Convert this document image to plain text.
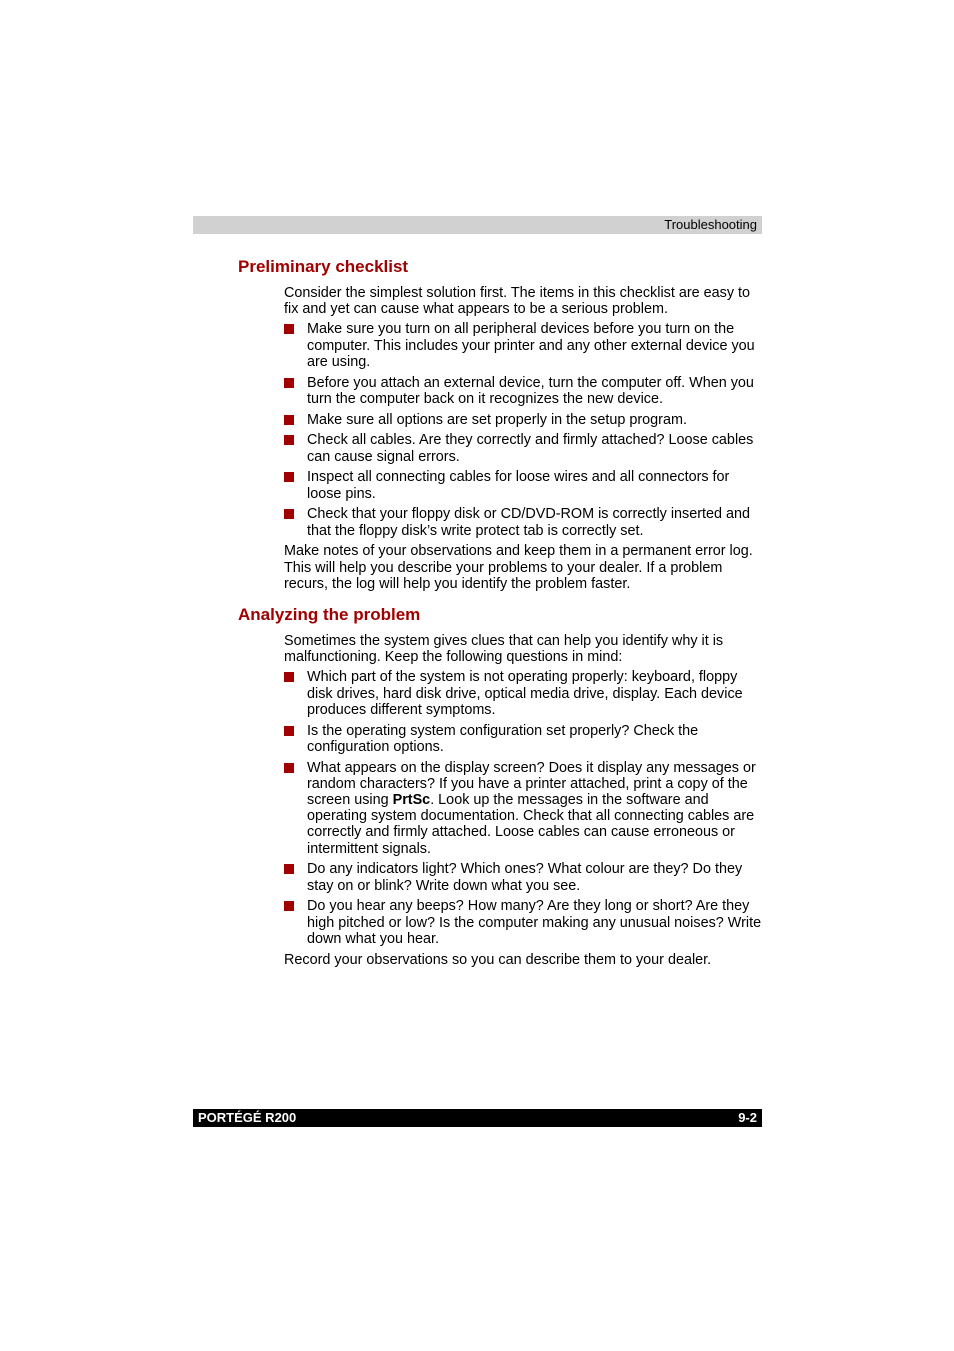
Troubleshooting
Preliminary checklist

Consider the simplest solution first. The items in this checklist are easy to fix and yet can cause what appears to be a serious problem.

Make sure you turn on all peripheral devices before you turn on the computer. This includes your printer and any other external device you are using.
Before you attach an external device, turn the computer off. When you turn the computer back on it recognizes the new device.
Make sure all options are set properly in the setup program.
Check all cables. Are they correctly and firmly attached? Loose cables can cause signal errors.
Inspect all connecting cables for loose wires and all connectors for loose pins.
Check that your floppy disk or CD/DVD-ROM is correctly inserted and that the floppy disk’s write protect tab is correctly set.

Make notes of your observations and keep them in a permanent error log. This will help you describe your problems to your dealer. If a problem recurs, the log will help you identify the problem faster.

Analyzing the problem

Sometimes the system gives clues that can help you identify why it is malfunctioning. Keep the following questions in mind:

Which part of the system is not operating properly: keyboard, floppy disk drives, hard disk drive, optical media drive, display. Each device produces different symptoms.
Is the operating system configuration set properly? Check the configuration options.
What appears on the display screen? Does it display any messages or random characters? If you have a printer attached, print a copy of the screen using PrtSc. Look up the messages in the software and operating system documentation. Check that all connecting cables are correctly and firmly attached. Loose cables can cause erroneous or intermittent signals.
Do any indicators light? Which ones? What colour are they? Do they stay on or blink? Write down what you see.
Do you hear any beeps? How many? Are they long or short? Are they high pitched or low? Is the computer making any unusual noises? Write down what you hear.

Record your observations so you can describe them to your dealer.

PORTÉGÉ R200	9-2
